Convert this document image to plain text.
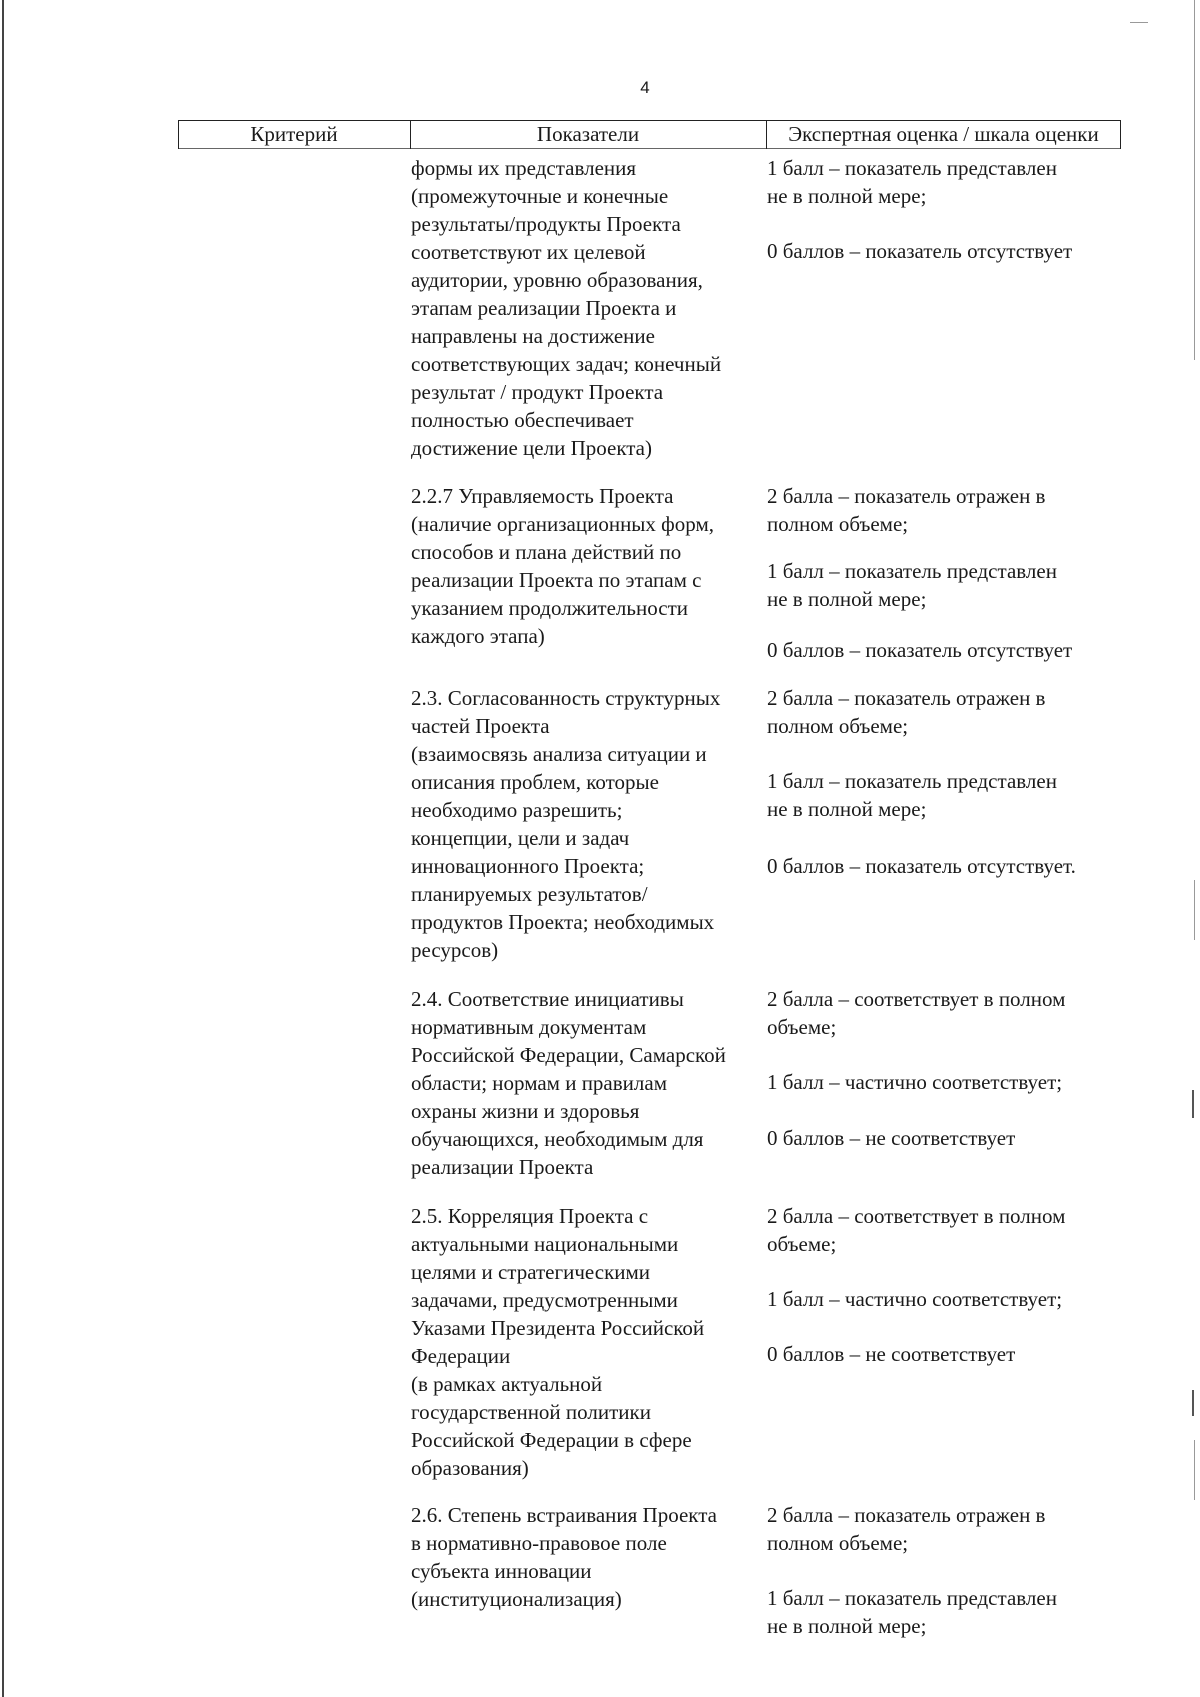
4
Критерий	Показатели	Экспертная оценка / шкала оценки

формы их представления

(промежуточные и конечные

результаты/продукты Проекта

соответствуют их целевой

аудитории, уровню образования,

этапам реализации Проекта и

направлены на достижение

соответствующих задач; конечный

результат / продукт Проекта

полностью обеспечивает

достижение цели Проекта)

1 балл – показатель представлен

не в полной мере;

0 баллов – показатель отсутствует

2.2.7 Управляемость Проекта

(наличие организационных форм,

способов и плана действий по

реализации Проекта по этапам с

указанием продолжительности

каждого этапа)

2 балла – показатель отражен в

полном объеме;

1 балл – показатель представлен

не в полной мере;

0 баллов – показатель отсутствует

2.3. Согласованность структурных

частей Проекта

(взаимосвязь анализа ситуации и

описания проблем, которые

необходимо разрешить;

концепции, цели и задач

инновационного Проекта;

планируемых результатов/

продуктов Проекта; необходимых

ресурсов)

2 балла – показатель отражен в

полном объеме;

1 балл – показатель представлен

не в полной мере;

0 баллов – показатель отсутствует.

2.4. Соответствие инициативы

нормативным документам

Российской Федерации, Самарской

области; нормам и правилам

охраны жизни и здоровья

обучающихся, необходимым для

реализации Проекта

2 балла – соответствует в полном

объеме;

1 балл – частично соответствует;

0 баллов – не соответствует

2.5. Корреляция Проекта с

актуальными национальными

целями и стратегическими

задачами, предусмотренными

Указами Президента Российской

Федерации

(в рамках актуальной

государственной политики

Российской Федерации в сфере

образования)

2 балла – соответствует в полном

объеме;

1 балл – частично соответствует;

0 баллов – не соответствует

2.6. Степень встраивания Проекта

в нормативно-правовое поле

субъекта инновации

(институционализация)

2 балла – показатель отражен в

полном объеме;

1 балл – показатель представлен

не в полной мере;
